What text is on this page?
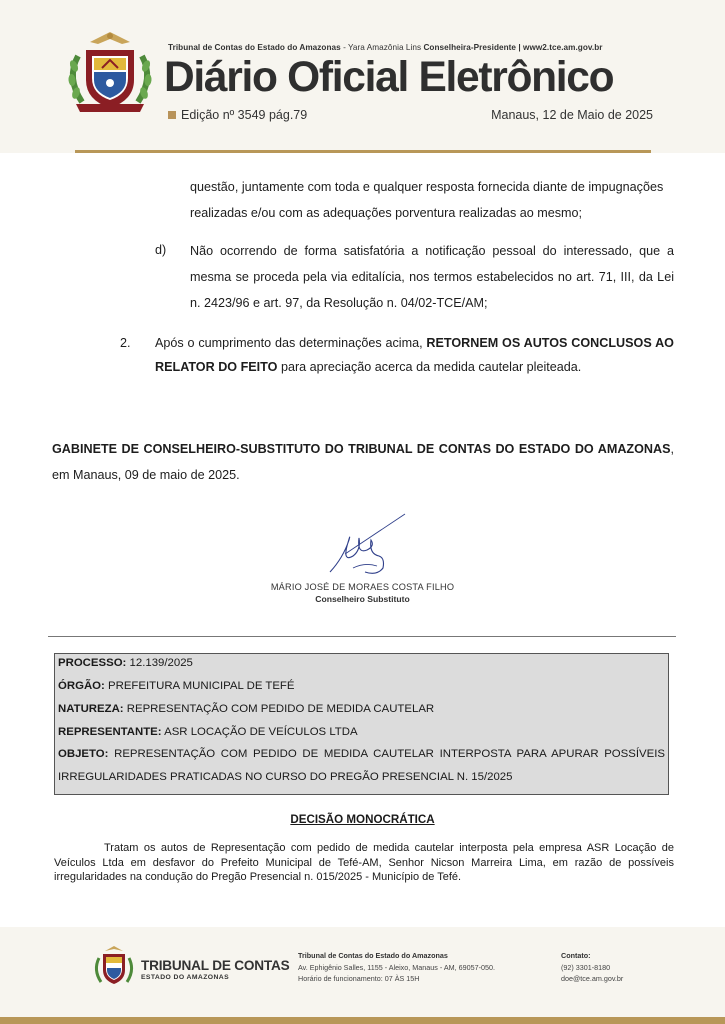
Tribunal de Contas do Estado do Amazonas - Yara Amazônia Lins Conselheira-Presidente | www2.tce.am.gov.br
Diário Oficial Eletrônico
Edição nº 3549 pág.79	Manaus, 12 de Maio de 2025
questão, juntamente com toda e qualquer resposta fornecida diante de impugnações
realizadas e/ou com as adequações porventura realizadas ao mesmo;
d) Não ocorrendo de forma satisfatória a notificação pessoal do interessado, que a mesma se proceda pela via editalícia, nos termos estabelecidos no art. 71, III, da Lei n. 2423/96 e art. 97, da Resolução n. 04/02-TCE/AM;
2. Após o cumprimento das determinações acima, RETORNEM OS AUTOS CONCLUSOS AO RELATOR DO FEITO para apreciação acerca da medida cautelar pleiteada.
GABINETE DE CONSELHEIRO-SUBSTITUTO DO TRIBUNAL DE CONTAS DO ESTADO DO AMAZONAS, em Manaus, 09 de maio de 2025.
MÁRIO JOSÉ DE MORAES COSTA FILHO
Conselheiro Substituto
PROCESSO: 12.139/2025
ÓRGÃO: PREFEITURA MUNICIPAL DE TEFÉ
NATUREZA: REPRESENTAÇÃO COM PEDIDO DE MEDIDA CAUTELAR
REPRESENTANTE: ASR LOCAÇÃO DE VEÍCULOS LTDA
OBJETO: REPRESENTAÇÃO COM PEDIDO DE MEDIDA CAUTELAR INTERPOSTA PARA APURAR POSSÍVEIS IRREGULARIDADES PRATICADAS NO CURSO DO PREGÃO PRESENCIAL N. 15/2025
DECISÃO MONOCRÁTICA
Tratam os autos de Representação com pedido de medida cautelar interposta pela empresa ASR Locação de Veículos Ltda em desfavor do Prefeito Municipal de Tefé-AM, Senhor Nicson Marreira Lima, em razão de possíveis irregularidades na condução do Pregão Presencial n. 015/2025 - Município de Tefé.
TRIBUNAL DE CONTAS
ESTADO DO AMAZONAS
Tribunal de Contas do Estado do Amazonas
Av. Ephigênio Salles, 1155 - Aleixo, Manaus - AM, 69057-050.
Horário de funcionamento: 07 ÀS 15H
Contato:
(92) 3301-8180
doe@tce.am.gov.br
